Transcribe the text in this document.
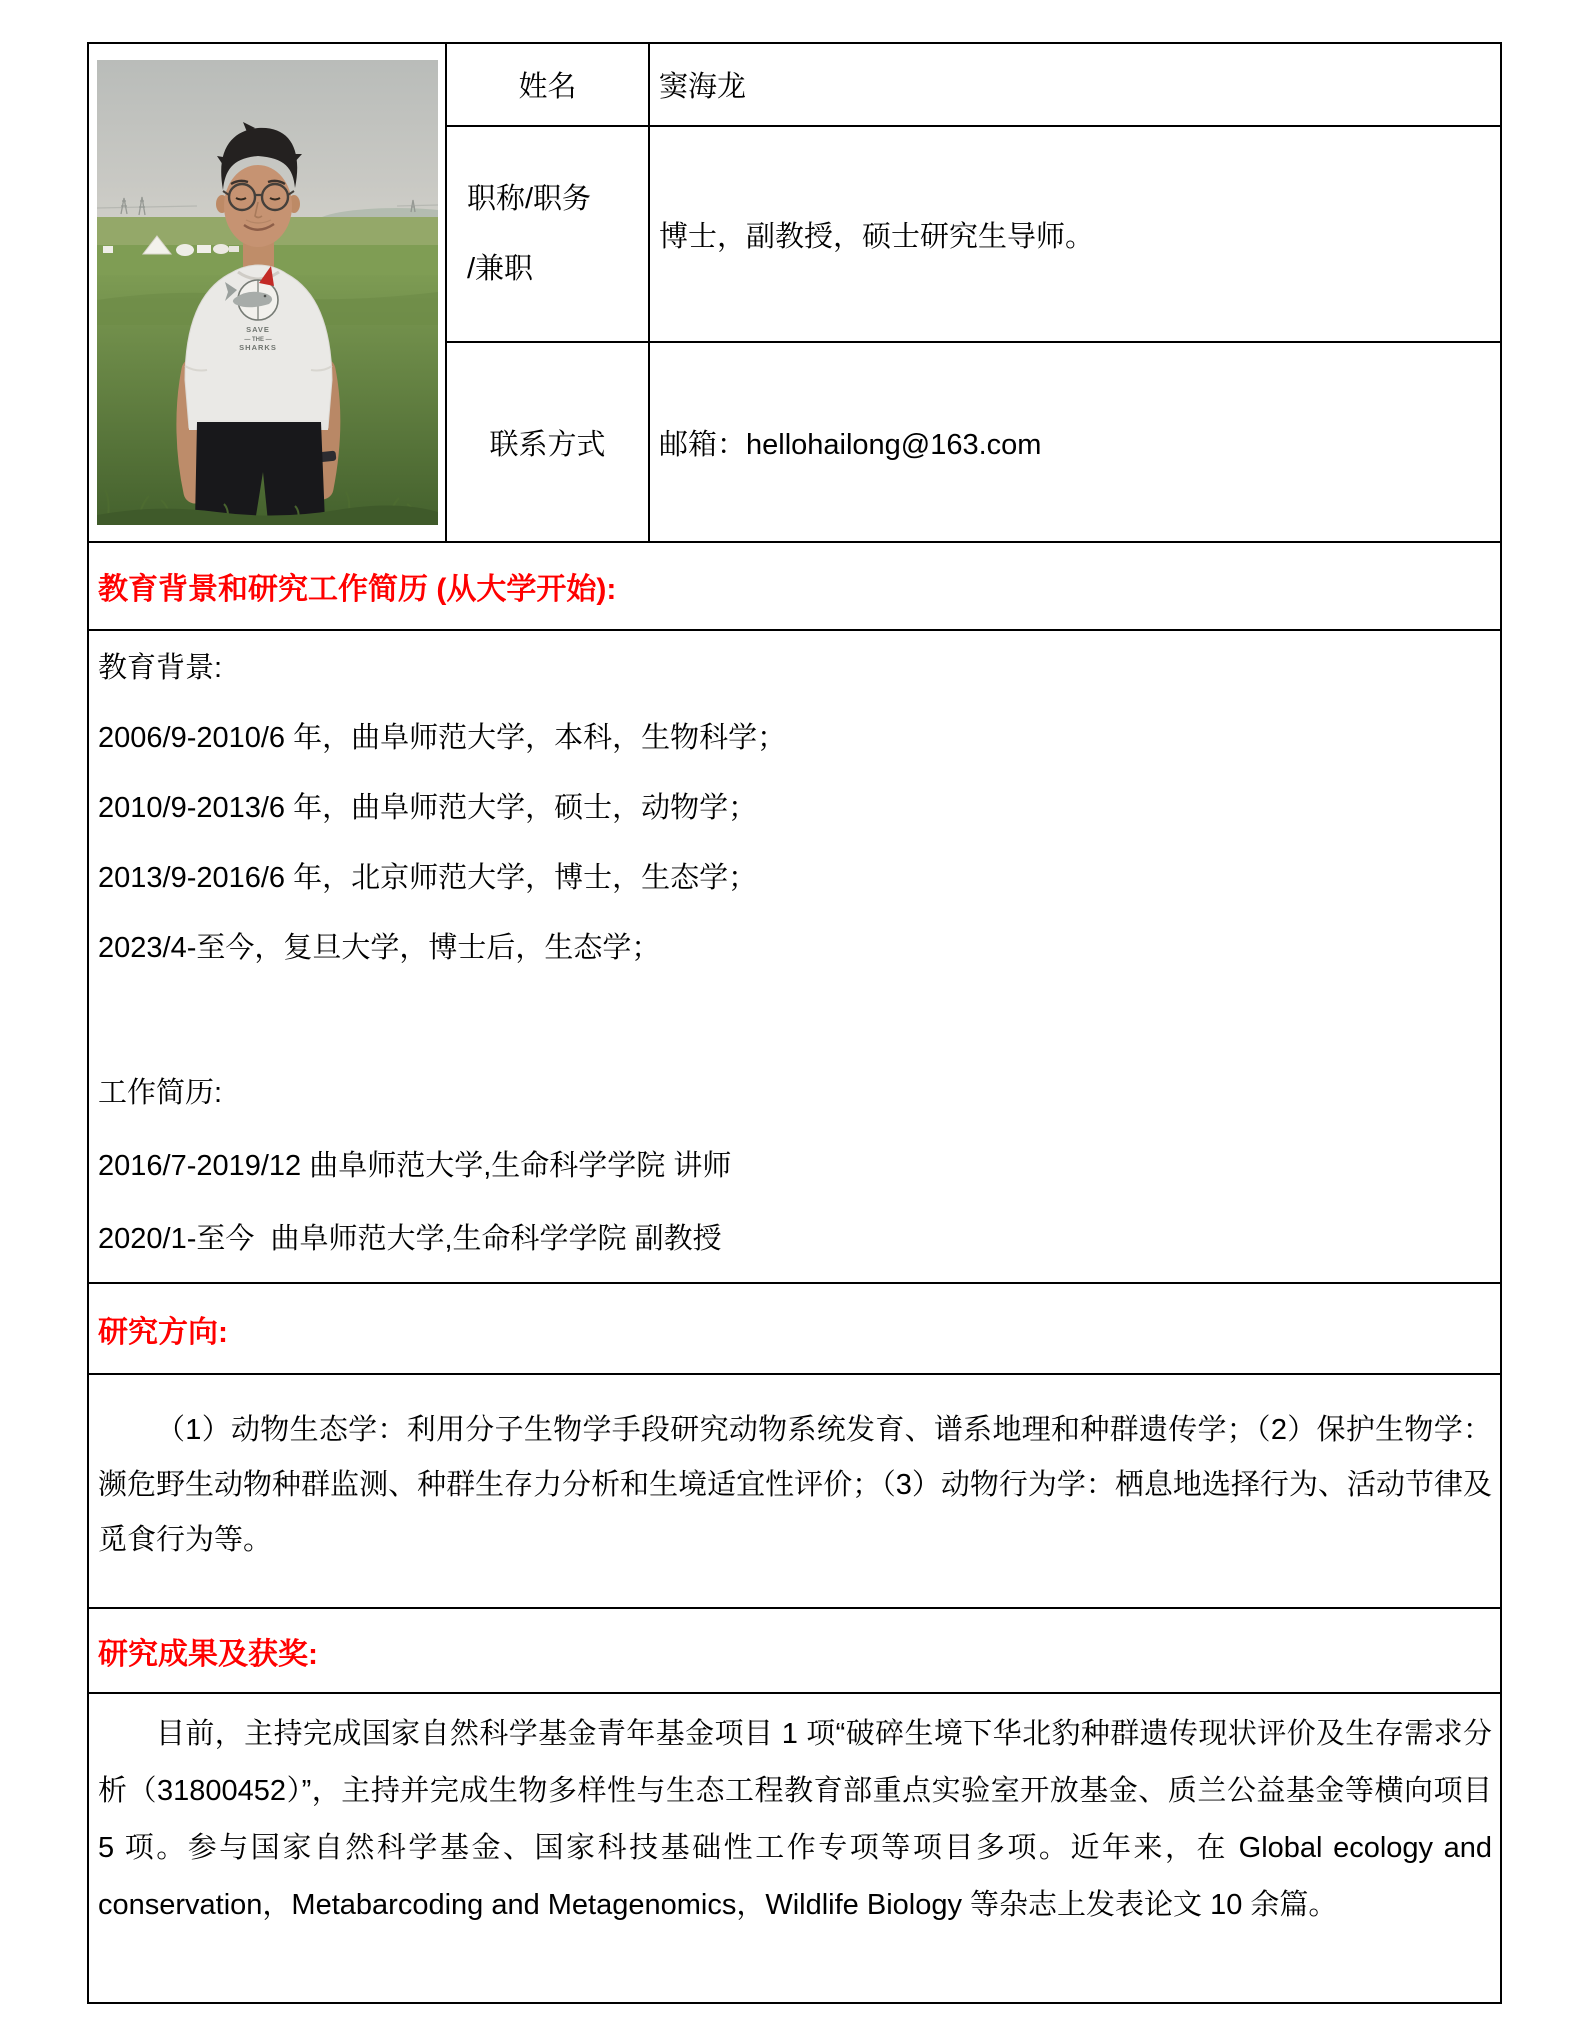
SAVE
— THE —
SHARKS
姓名	窦海龙
职称/职务
/兼职
博士，副教授，硕士研究生导师。
联系方式 邮箱：hellohailong@163.com
教育背景和研究工作简历 (从大学开始):

教育背景:

2006/9-2010/6 年，曲阜师范大学，本科，生物科学；

2010/9-2013/6 年，曲阜师范大学，硕士，动物学；

2013/9-2016/6 年，北京师范大学，博士，生态学；

2023/4-至今，复旦大学，博士后，生态学；

工作简历:

2016/7-2019/12 曲阜师范大学,生命科学学院 讲师

2020/1-至今  曲阜师范大学,生命科学学院 副教授

研究方向:

（1）动物生态学：利用分子生物学手段研究动物系统发育、谱系地理和种群遗传学；（2）保护生物学：濒危野生动物种群监测、种群生存力分析和生境适宜性评价；（3）动物行为学：栖息地选择行为、活动节律及觅食行为等。

研究成果及获奖:

目前，主持完成国家自然科学基金青年基金项目 1 项“破碎生境下华北豹种群遗传现状评价及生存需求分析（31800452）”，主持并完成生物多样性与生态工程教育部重点实验室开放基金、质兰公益基金等横向项目 5 项。参与国家自然科学基金、国家科技基础性工作专项等项目多项。近年来，在 Global ecology and conservation，Metabarcoding and Metagenomics，Wildlife Biology 等杂志上发表论文 10 余篇。
